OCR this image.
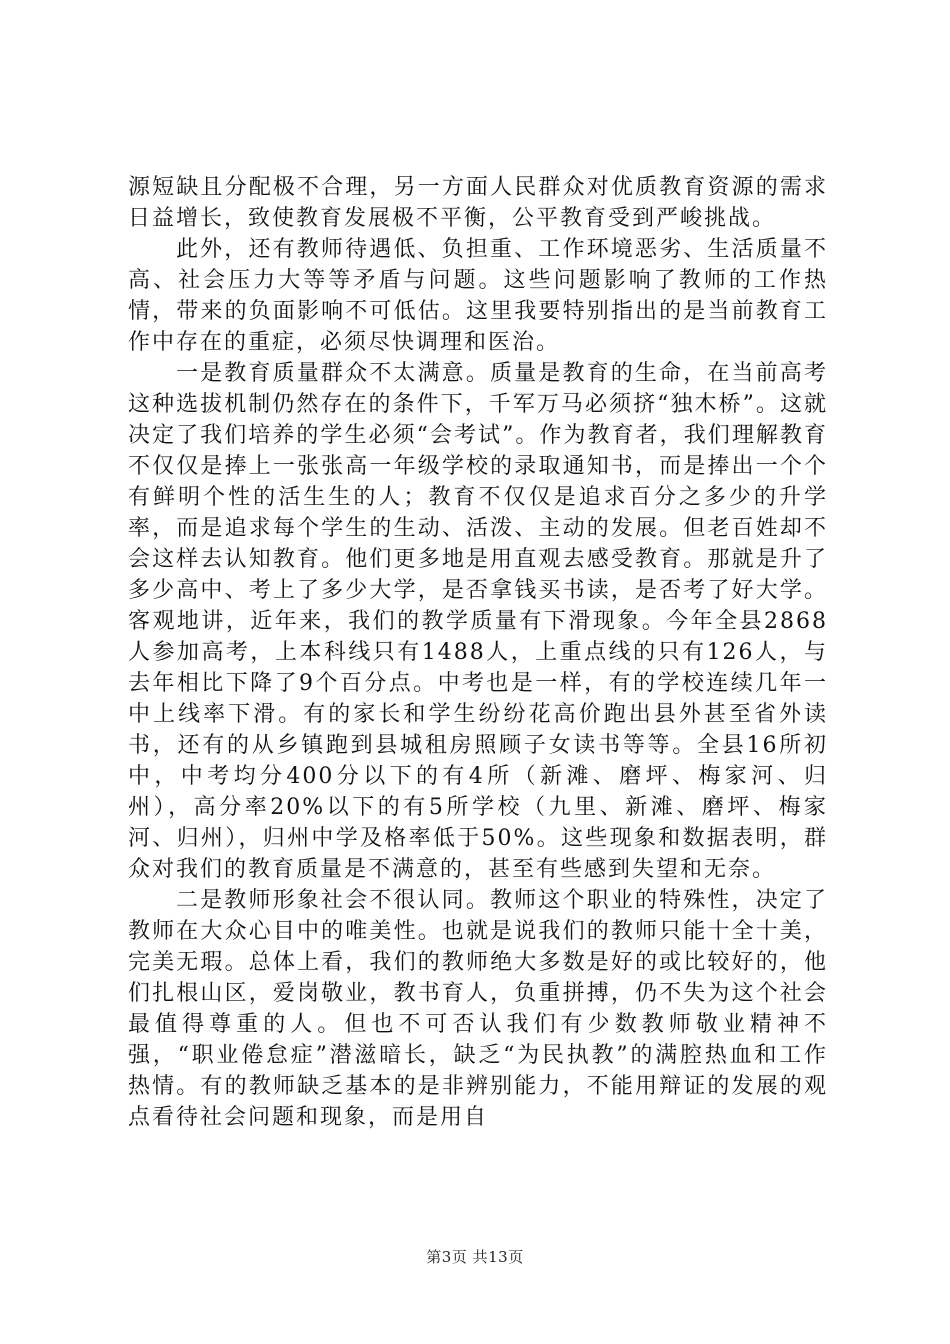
源短缺且分配极不合理，另一方面人民群众对优质教育资源的需求日益增长，致使教育发展极不平衡，公平教育受到严峻挑战。

此外，还有教师待遇低、负担重、工作环境恶劣、生活质量不高、社会压力大等等矛盾与问题。这些问题影响了教师的工作热情，带来的负面影响不可低估。这里我要特别指出的是当前教育工作中存在的重症，必须尽快调理和医治。

一是教育质量群众不太满意。质量是教育的生命，在当前高考这种选拔机制仍然存在的条件下，千军万马必须挤“独木桥”。这就决定了我们培养的学生必须“会考试”。作为教育者，我们理解教育不仅仅是捧上一张张高一年级学校的录取通知书，而是捧出一个个有鲜明个性的活生生的人；教育不仅仅是追求百分之多少的升学率，而是追求每个学生的生动、活泼、主动的发展。但老百姓却不会这样去认知教育。他们更多地是用直观去感受教育。那就是升了多少高中、考上了多少大学，是否拿钱买书读，是否考了好大学。客观地讲，近年来，我们的教学质量有下滑现象。今年全县2868人参加高考，上本科线只有1488人，上重点线的只有126人，与去年相比下降了9个百分点。中考也是一样，有的学校连续几年一中上线率下滑。有的家长和学生纷纷花高价跑出县外甚至省外读书，还有的从乡镇跑到县城租房照顾子女读书等等。全县16所初中，中考均分400分以下的有4所（新滩、磨坪、梅家河、归州），高分率20%以下的有5所学校（九里、新滩、磨坪、梅家河、归州），归州中学及格率低于50%。这些现象和数据表明，群众对我们的教育质量是不满意的，甚至有些感到失望和无奈。

二是教师形象社会不很认同。教师这个职业的特殊性，决定了教师在大众心目中的唯美性。也就是说我们的教师只能十全十美，完美无瑕。总体上看，我们的教师绝大多数是好的或比较好的，他们扎根山区，爱岗敬业，教书育人，负重拼搏，仍不失为这个社会最值得尊重的人。但也不可否认我们有少数教师敬业精神不强，“职业倦怠症”潜滋暗长，缺乏“为民执教”的满腔热血和工作热情。有的教师缺乏基本的是非辨别能力，不能用辩证的发展的观点看待社会问题和现象，而是用自

第3页 共13页
